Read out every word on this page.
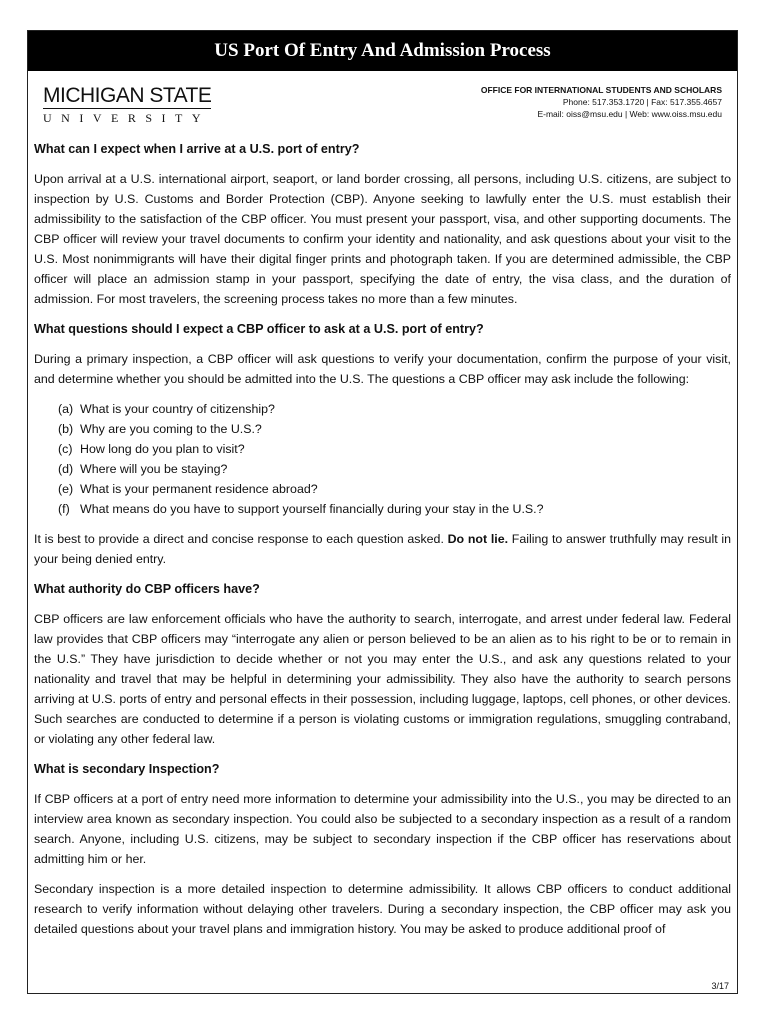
US Port Of Entry And Admission Process
MICHIGAN STATE
UNIVERSITY
OFFICE FOR INTERNATIONAL STUDENTS AND SCHOLARS
Phone: 517.353.1720 | Fax: 517.355.4657
E-mail: oiss@msu.edu | Web: www.oiss.msu.edu

What can I expect when I arrive at a U.S. port of entry?

Upon arrival at a U.S. international airport, seaport, or land border crossing, all persons, including U.S. citizens, are subject to inspection by U.S. Customs and Border Protection (CBP). Anyone seeking to lawfully enter the U.S. must establish their admissibility to the satisfaction of the CBP officer. You must present your passport, visa, and other supporting documents. The CBP officer will review your travel documents to confirm your identity and nationality, and ask questions about your visit to the U.S. Most nonimmigrants will have their digital finger prints and photograph taken. If you are determined admissible, the CBP officer will place an admission stamp in your passport, specifying the date of entry, the visa class, and the duration of admission. For most travelers, the screening process takes no more than a few minutes.

What questions should I expect a CBP officer to ask at a U.S. port of entry?

During a primary inspection, a CBP officer will ask questions to verify your documentation, confirm the purpose of your visit, and determine whether you should be admitted into the U.S. The questions a CBP officer may ask include the following:

(a) What is your country of citizenship?
(b) Why are you coming to the U.S.?
(c) How long do you plan to visit?
(d) Where will you be staying?
(e) What is your permanent residence abroad?
(f) What means do you have to support yourself financially during your stay in the U.S.?

It is best to provide a direct and concise response to each question asked. Do not lie. Failing to answer truthfully may result in your being denied entry.

What authority do CBP officers have?

CBP officers are law enforcement officials who have the authority to search, interrogate, and arrest under federal law. Federal law provides that CBP officers may “interrogate any alien or person believed to be an alien as to his right to be or to remain in the U.S.” They have jurisdiction to decide whether or not you may enter the U.S., and ask any questions related to your nationality and travel that may be helpful in determining your admissibility. They also have the authority to search persons arriving at U.S. ports of entry and personal effects in their possession, including luggage, laptops, cell phones, or other devices. Such searches are conducted to determine if a person is violating customs or immigration regulations, smuggling contraband, or violating any other federal law.

What is secondary Inspection?

If CBP officers at a port of entry need more information to determine your admissibility into the U.S., you may be directed to an interview area known as secondary inspection. You could also be subjected to a secondary inspection as a result of a random search. Anyone, including U.S. citizens, may be subject to secondary inspection if the CBP officer has reservations about admitting him or her.

Secondary inspection is a more detailed inspection to determine admissibility. It allows CBP officers to conduct additional research to verify information without delaying other travelers. During a secondary inspection, the CBP officer may ask you detailed questions about your travel plans and immigration history. You may be asked to produce additional proof of

3/17
